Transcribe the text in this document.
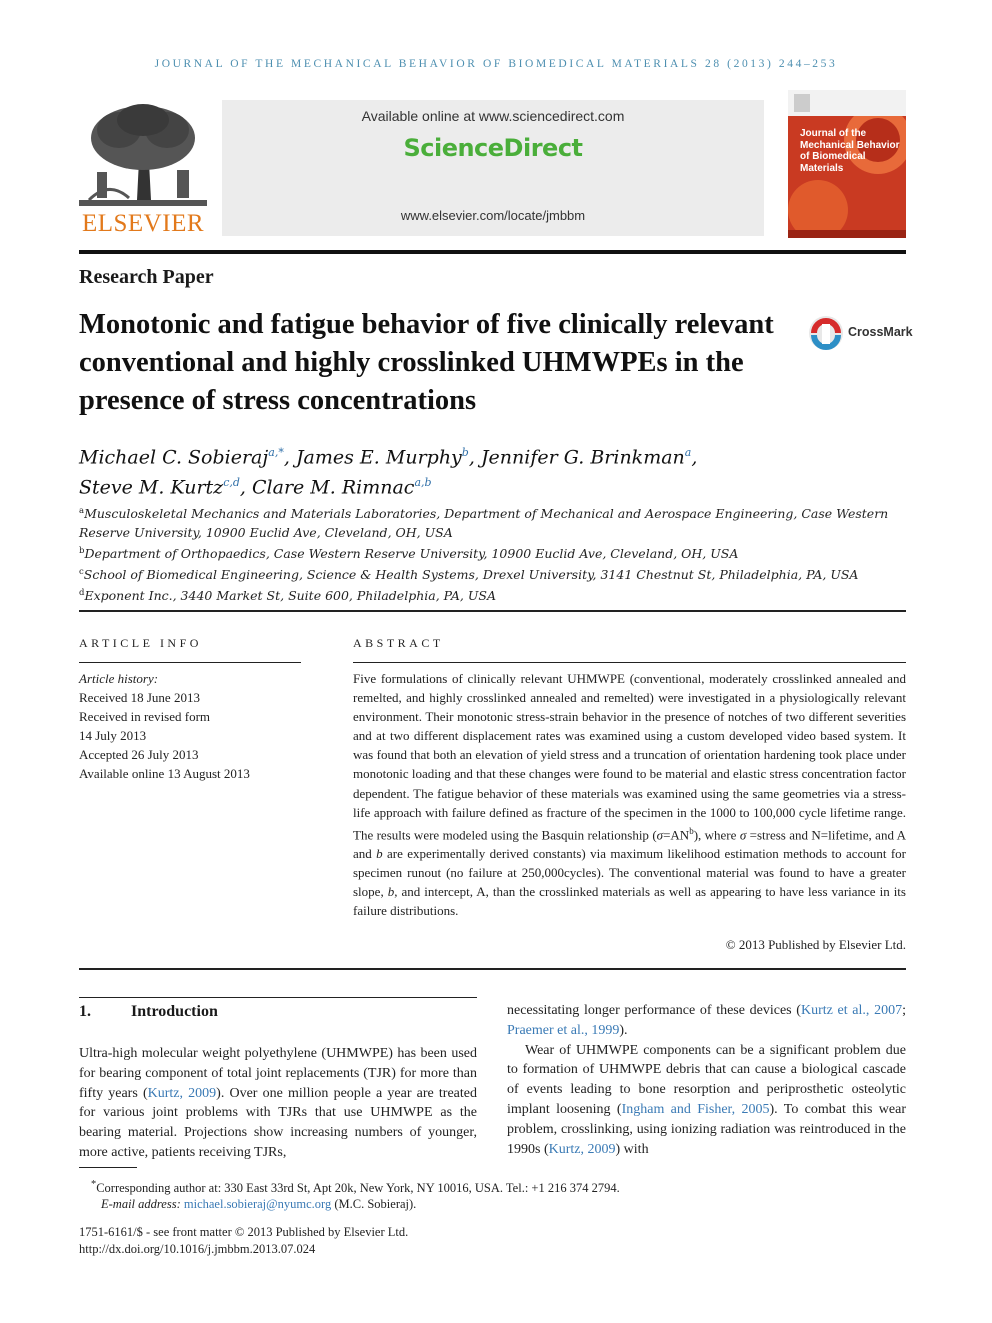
JOURNAL OF THE MECHANICAL BEHAVIOR OF BIOMEDICAL MATERIALS 28 (2013) 244–253
ELSEVIER
Available online at www.sciencedirect.com
ScienceDirect
www.elsevier.com/locate/jmbbm
Journal of the Mechanical Behavior of Biomedical Materials
Research Paper
Monotonic and fatigue behavior of five clinically relevant conventional and highly crosslinked UHMWPEs in the presence of stress concentrations
CrossMark
Michael C. Sobieraj$^{a,*}$, James E. Murphy$^b$, Jennifer G. Brinkman$^a$,
Steve M. Kurtz$^{c,d}$, Clare M. Rimnac$^{a,b}$
$^a$Musculoskeletal Mechanics and Materials Laboratories, Department of Mechanical and Aerospace Engineering, Case Western Reserve University, 10900 Euclid Ave, Cleveland, OH, USA
$^b$Department of Orthopaedics, Case Western Reserve University, 10900 Euclid Ave, Cleveland, OH, USA
$^c$School of Biomedical Engineering, Science & Health Systems, Drexel University, 3141 Chestnut St, Philadelphia, PA, USA
$^d$Exponent Inc., 3440 Market St, Suite 600, Philadelphia, PA, USA
ARTICLE INFO
Article history:
Received 18 June 2013
Received in revised form
14 July 2013
Accepted 26 July 2013
Available online 13 August 2013
ABSTRACT
Five formulations of clinically relevant UHMWPE (conventional, moderately crosslinked annealed and remelted, and highly crosslinked annealed and remelted) were investigated in a physiologically relevant environment. Their monotonic stress-strain behavior in the presence of notches of two different severities and at two different displacement rates was examined using a custom developed video based system. It was found that both an elevation of yield stress and a truncation of orientation hardening took place under monotonic loading and that these changes were found to be material and elastic stress concentration factor dependent. The fatigue behavior of these materials was examined using the same geometries via a stress-life approach with failure defined as fracture of the specimen in the 1000 to 100,000 cycle lifetime range. The results were modeled using the Basquin relationship $(\sigma=AN^b)$, where σ =stress and N=lifetime, and A and b are experimentally derived constants) via maximum likelihood estimation methods to account for specimen runout (no failure at 250,000cycles). The conventional material was found to have a greater slope, b, and intercept, A, than the crosslinked materials as well as appearing to have less variance in its failure distributions.
© 2013 Published by Elsevier Ltd.
1.	Introduction

Ultra-high molecular weight polyethylene (UHMWPE) has been used for bearing component of total joint replacements (TJR) for more than fifty years (Kurtz, 2009). Over one million people a year are treated for various joint problems with TJRs that use UHMWPE as the bearing material. Projections show increasing numbers of younger, more active, patients receiving TJRs,

necessitating longer performance of these devices (Kurtz et al., 2007; Praemer et al., 1999).

Wear of UHMWPE components can be a significant problem due to formation of UHMWPE debris that can cause a biological cascade of events leading to bone resorption and periprosthetic osteolytic implant loosening (Ingham and Fisher, 2005). To combat this wear problem, crosslinking, using ionizing radiation was reintroduced in the 1990s (Kurtz, 2009) with

*Corresponding author at: 330 East 33rd St, Apt 20k, New York, NY 10016, USA. Tel.: +1 216 374 2794.
E-mail address: michael.sobieraj@nyumc.org (M.C. Sobieraj).
1751-6161/$ - see front matter © 2013 Published by Elsevier Ltd.
http://dx.doi.org/10.1016/j.jmbbm.2013.07.024
